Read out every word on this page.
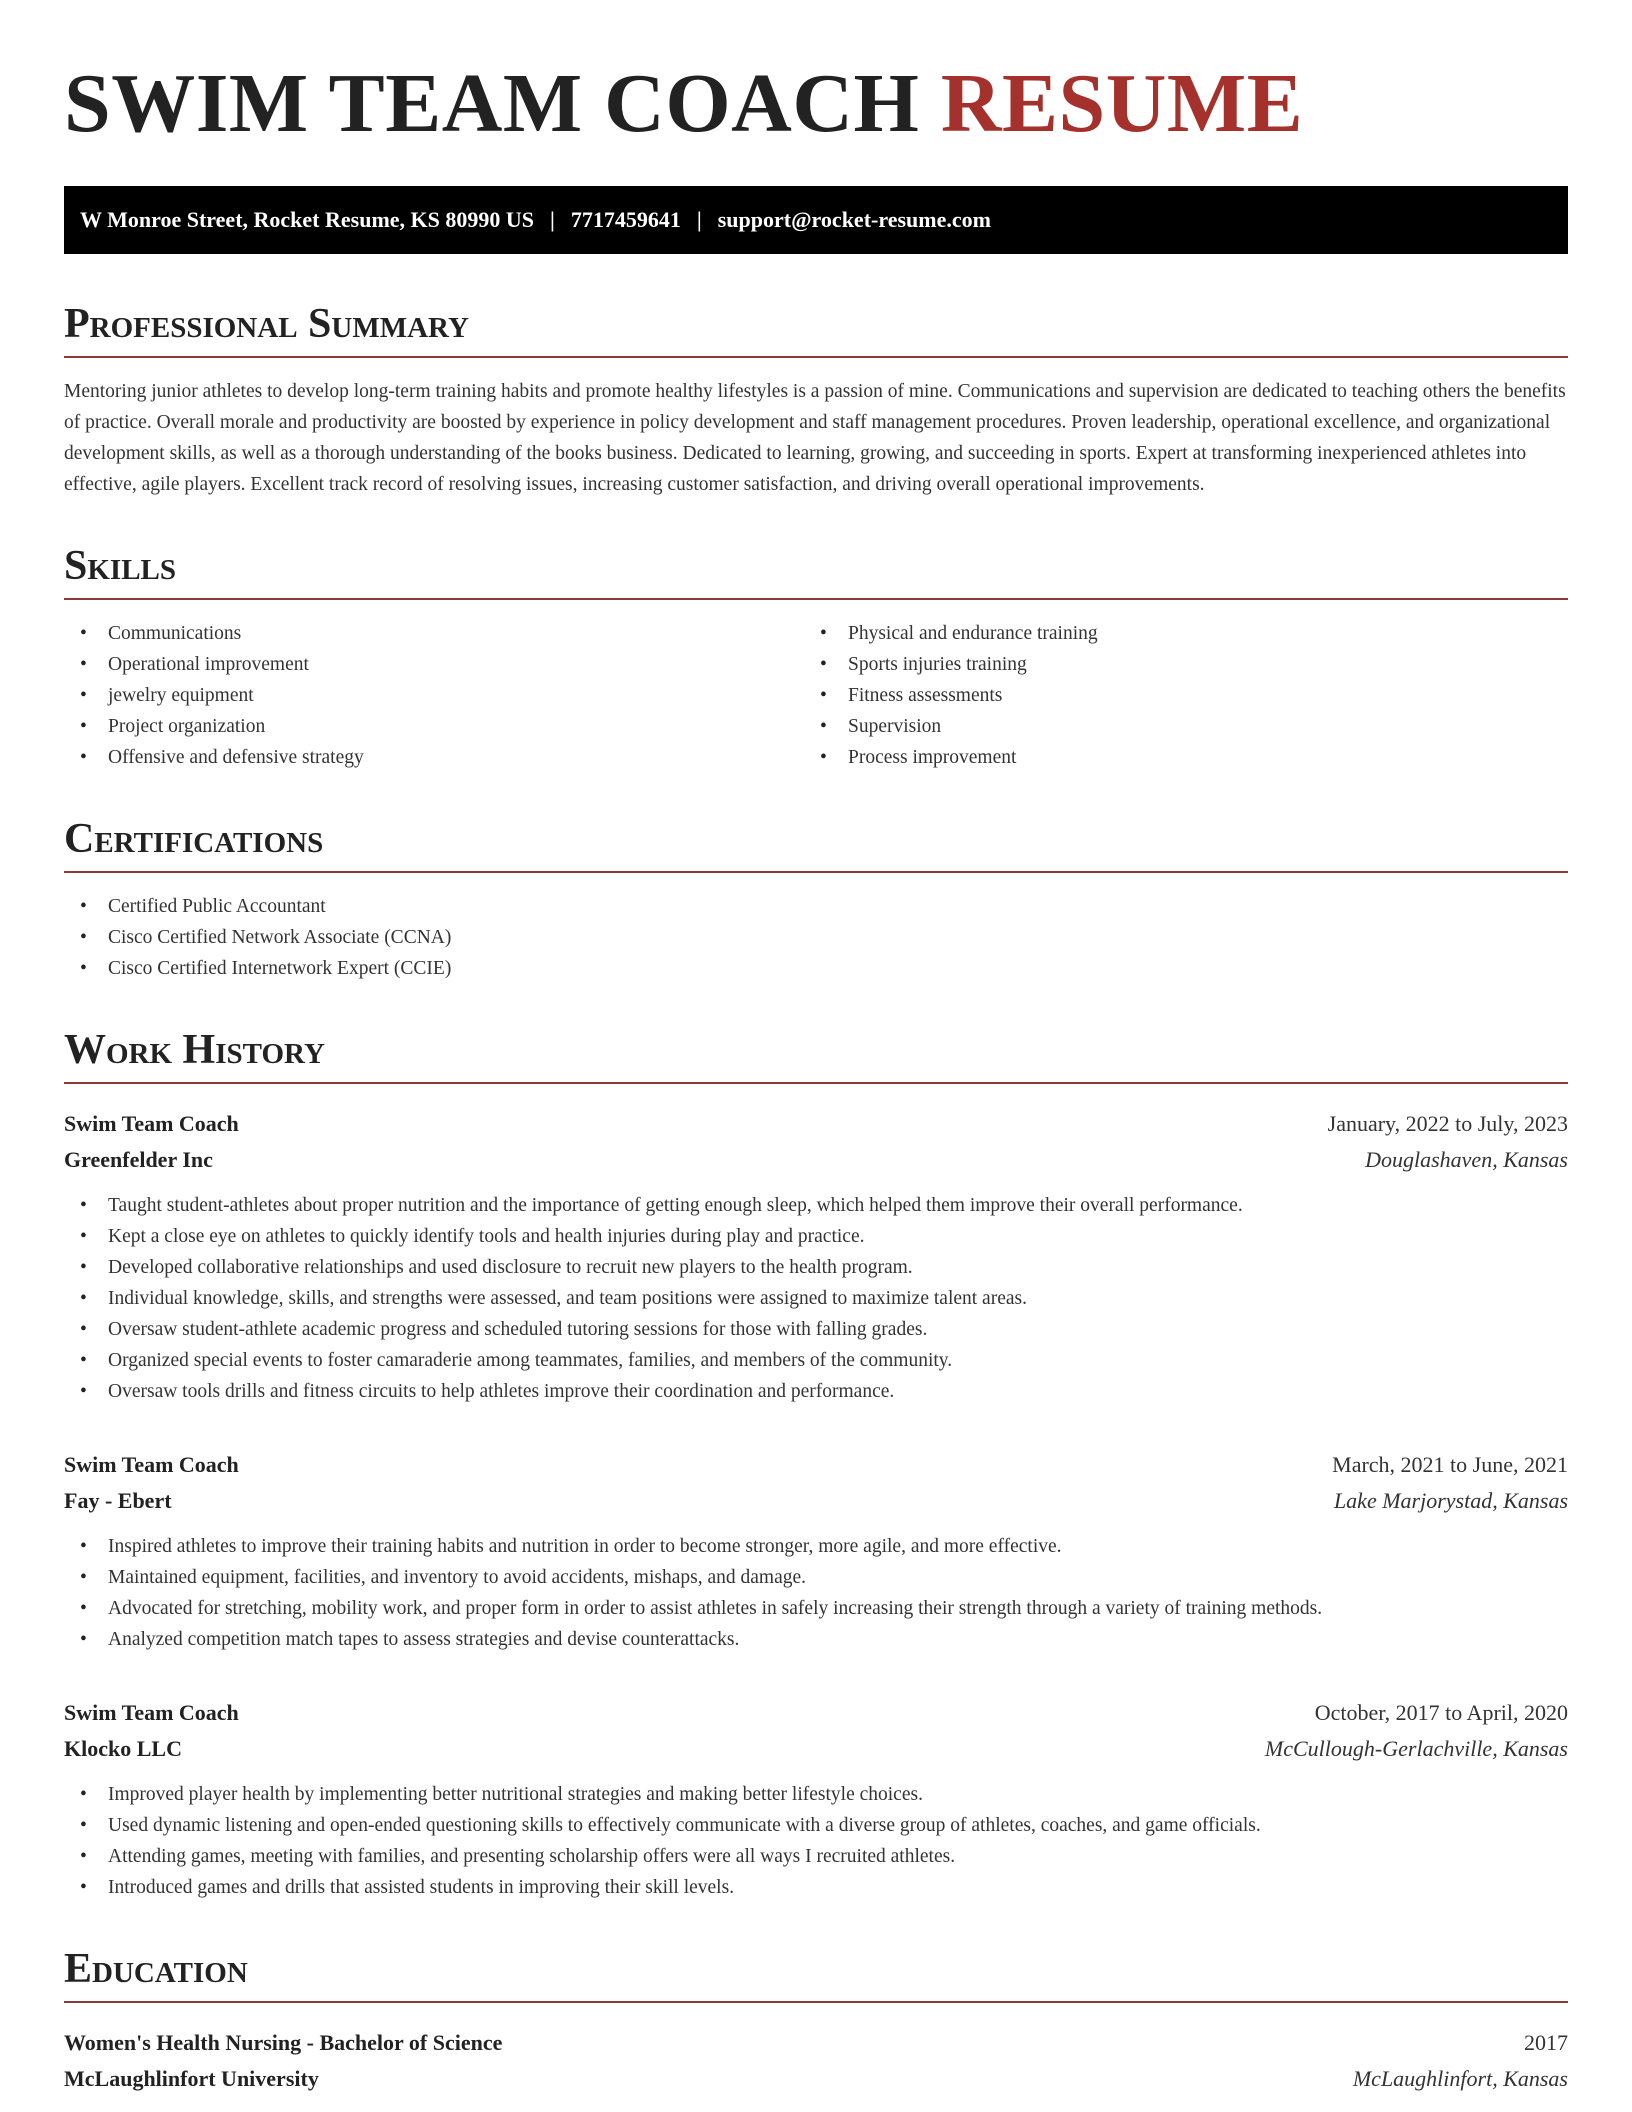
SWIM TEAM COACH RESUME
W Monroe Street, Rocket Resume, KS 80990 US | 7717459641 | support@rocket-resume.com
Professional Summary

Mentoring junior athletes to develop long-term training habits and promote healthy lifestyles is a passion of mine. Communications and supervision are dedicated to teaching others the benefits of practice. Overall morale and productivity are boosted by experience in policy development and staff management procedures. Proven leadership, operational excellence, and organizational development skills, as well as a thorough understanding of the books business. Dedicated to learning, growing, and succeeding in sports. Expert at transforming inexperienced athletes into effective, agile players. Excellent track record of resolving issues, increasing customer satisfaction, and driving overall operational improvements.

Skills
• Communications
• Operational improvement
• jewelry equipment
• Project organization
• Offensive and defensive strategy
• Physical and endurance training
• Sports injuries training
• Fitness assessments
• Supervision
• Process improvement
Certifications
• Certified Public Accountant
• Cisco Certified Network Associate (CCNA)
• Cisco Certified Internetwork Expert (CCIE)
Work History
Swim Team Coach	January, 2022 to July, 2023
Greenfelder Inc	Douglashaven, Kansas
• Taught student-athletes about proper nutrition and the importance of getting enough sleep, which helped them improve their overall performance.
• Kept a close eye on athletes to quickly identify tools and health injuries during play and practice.
• Developed collaborative relationships and used disclosure to recruit new players to the health program.
• Individual knowledge, skills, and strengths were assessed, and team positions were assigned to maximize talent areas.
• Oversaw student-athlete academic progress and scheduled tutoring sessions for those with falling grades.
• Organized special events to foster camaraderie among teammates, families, and members of the community.
• Oversaw tools drills and fitness circuits to help athletes improve their coordination and performance.
Swim Team Coach	March, 2021 to June, 2021
Fay - Ebert	Lake Marjorystad, Kansas
• Inspired athletes to improve their training habits and nutrition in order to become stronger, more agile, and more effective.
• Maintained equipment, facilities, and inventory to avoid accidents, mishaps, and damage.
• Advocated for stretching, mobility work, and proper form in order to assist athletes in safely increasing their strength through a variety of training methods.
• Analyzed competition match tapes to assess strategies and devise counterattacks.
Swim Team Coach	October, 2017 to April, 2020
Klocko LLC	McCullough-Gerlachville, Kansas
• Improved player health by implementing better nutritional strategies and making better lifestyle choices.
• Used dynamic listening and open-ended questioning skills to effectively communicate with a diverse group of athletes, coaches, and game officials.
• Attending games, meeting with families, and presenting scholarship offers were all ways I recruited athletes.
• Introduced games and drills that assisted students in improving their skill levels.
Education
Women's Health Nursing - Bachelor of Science	2017
McLaughlinfort University	McLaughlinfort, Kansas
